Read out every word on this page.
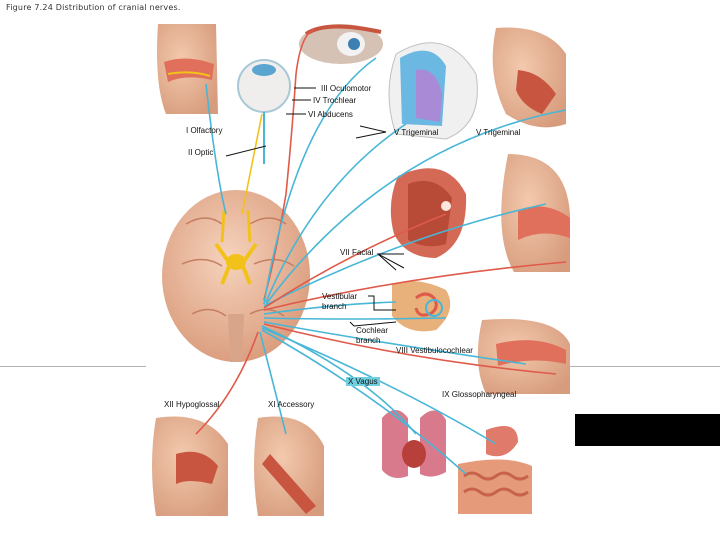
Figure 7.24 Distribution of cranial nerves.
III Oculomotor
IV Trochlear
VI Abducens
I Olfactory	V Trigeminal	V Trigeminal
II Optic
VII Facial
Vestibular
branch
Cochlear
branch
VIII Vestibulocochlear
X Vagus
XII Hypoglossal	XI Accessory
IX Glossopharyngeal
